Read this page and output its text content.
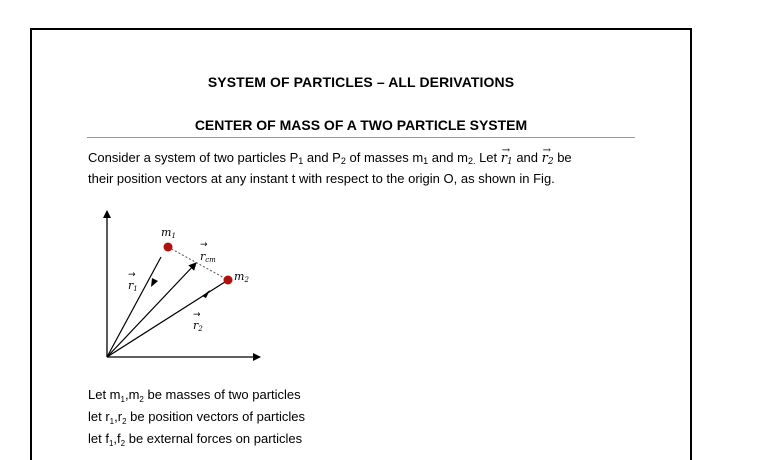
SYSTEM OF PARTICLES – ALL DERIVATIONS
CENTER OF MASS OF A TWO PARTICLE SYSTEM
Consider a system of two particles $P_1$ and $P_2$ of masses $m_1$ and $m_{2.}$ Let →
$r_1$ and →
$r_2$ be
their position vectors at any instant t with respect to the origin O, as shown in Fig.
m1
m2
rcm
→
r1
→
r2
→
Let $m_1,m_2$ be masses of two particles
let $r_1,r_2$ be position vectors of particles
let $f_1,f_2$ be external forces on particles
